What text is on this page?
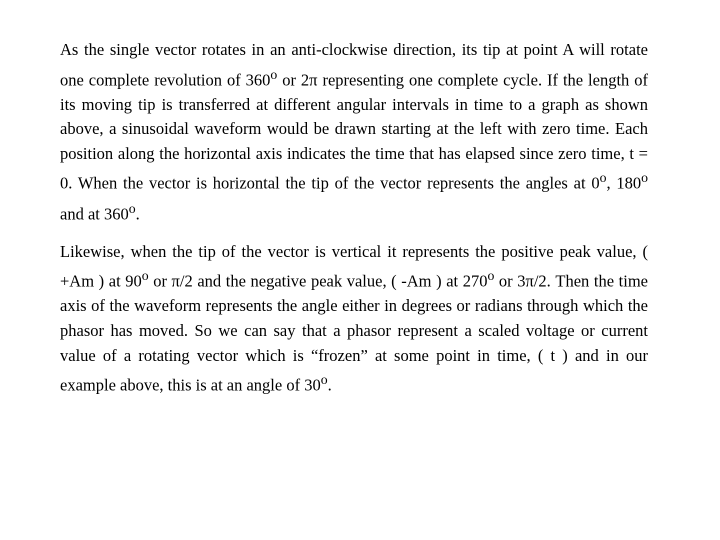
As the single vector rotates in an anti-clockwise direction, its tip at point A will rotate one complete revolution of 360$^o$ or 2π representing one complete cycle. If the length of its moving tip is transferred at different angular intervals in time to a graph as shown above, a sinusoidal waveform would be drawn starting at the left with zero time. Each position along the horizontal axis indicates the time that has elapsed since zero time, t = 0. When the vector is horizontal the tip of the vector represents the angles at 0$^o$, 180$^o$ and at 360$^o$.

Likewise, when the tip of the vector is vertical it represents the positive peak value, ( +Am ) at 90$^o$ or π/2 and the negative peak value, ( -Am ) at 270$^o$ or 3π/2. Then the time axis of the waveform represents the angle either in degrees or radians through which the phasor has moved. So we can say that a phasor represent a scaled voltage or current value of a rotating vector which is “frozen” at some point in time, ( t ) and in our example above, this is at an angle of 30$^o$.
